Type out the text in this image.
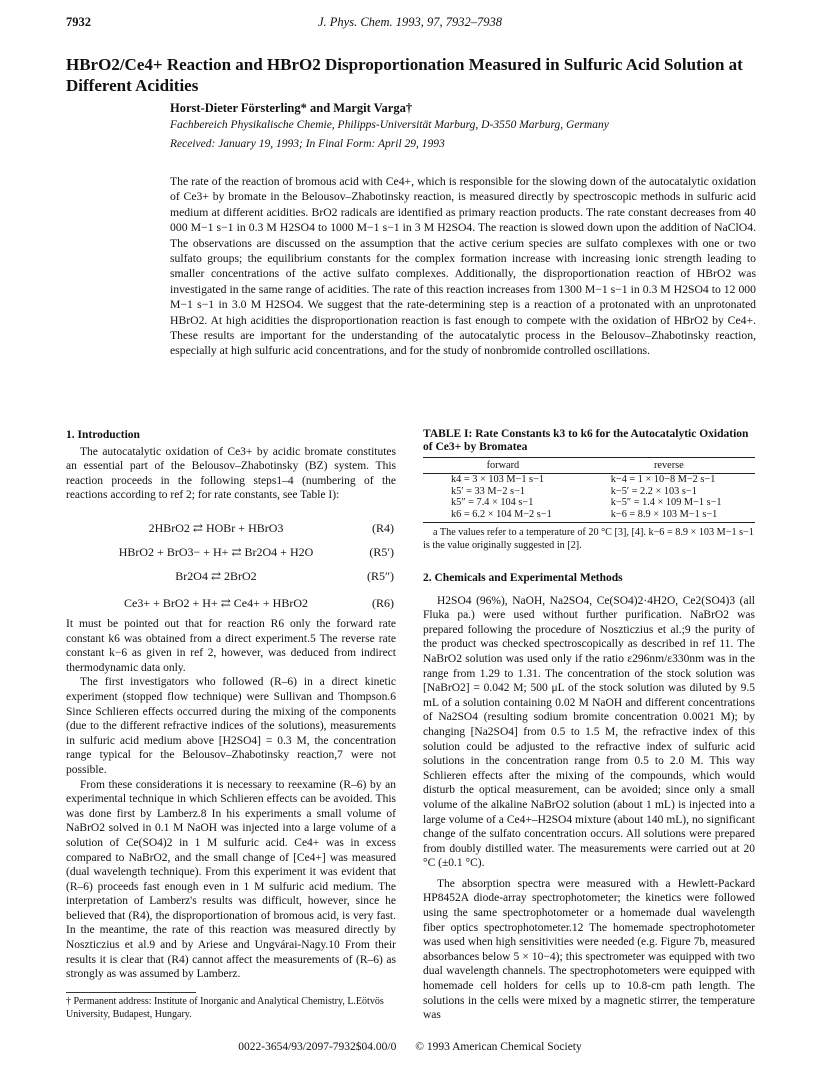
7932	J. Phys. Chem. 1993, 97, 7932–7938
HBrO2/Ce4+ Reaction and HBrO2 Disproportionation Measured in Sulfuric Acid Solution at
Different Acidities
Horst-Dieter Försterling* and Margit Varga†
Fachbereich Physikalische Chemie, Philipps-Universität Marburg, D-3550 Marburg, Germany
Received: January 19, 1993; In Final Form: April 29, 1993
The rate of the reaction of bromous acid with Ce4+, which is responsible for the slowing down of the autocatalytic oxidation of Ce3+ by bromate in the Belousov–Zhabotinsky reaction, is measured directly by spectroscopic methods in sulfuric acid medium at different acidities. BrO2 radicals are identified as primary reaction products. The rate constant decreases from 40 000 M−1 s−1 in 0.3 M H2SO4 to 1000 M−1 s−1 in 3 M H2SO4. The reaction is slowed down upon the addition of NaClO4. The observations are discussed on the assumption that the active cerium species are sulfato complexes with one or two sulfato groups; the equilibrium constants for the complex formation increase with increasing ionic strength leading to smaller concentrations of the active sulfato complexes. Additionally, the disproportionation reaction of HBrO2 was investigated in the same range of acidities. The rate of this reaction increases from 1300 M−1 s−1 in 0.3 M H2SO4 to 12 000 M−1 s−1 in 3.0 M H2SO4. We suggest that the rate-determining step is a reaction of a protonated with an unprotonated HBrO2. At high acidities the disproportionation reaction is fast enough to compete with the oxidation of HBrO2 by Ce4+. These results are important for the understanding of the autocatalytic process in the Belousov–Zhabotinsky reaction, especially at high sulfuric acid concentrations, and for the study of nonbromide controlled oscillations.
1. Introduction

The autocatalytic oxidation of Ce3+ by acidic bromate constitutes an essential part of the Belousov–Zhabotinsky (BZ) system. This reaction proceeds in the following steps1–4 (numbering of the reactions according to ref 2; for rate constants, see Table I):

2HBrO2 ⇄ HOBr + HBrO3	(R4)
HBrO2 + BrO3− + H+ ⇄ Br2O4 + H2O	(R5′)
Br2O4 ⇄ 2BrO2	(R5″)
Ce3+ + BrO2 + H+ ⇄ Ce4+ + HBrO2	(R6)

It must be pointed out that for reaction R6 only the forward rate constant k6 was obtained from a direct experiment.5 The reverse rate constant k−6 as given in ref 2, however, was deduced from indirect thermodynamic data only.

The first investigators who followed (R–6) in a direct kinetic experiment (stopped flow technique) were Sullivan and Thompson.6 Since Schlieren effects occurred during the mixing of the components (due to the different refractive indices of the solutions), measurements in sulfuric acid medium above [H2SO4] = 0.3 M, the concentration range typical for the Belousov–Zhabotinsky reaction,7 were not possible.

From these considerations it is necessary to reexamine (R–6) by an experimental technique in which Schlieren effects can be avoided. This was done first by Lamberz.8 In his experiments a small volume of NaBrO2 solved in 0.1 M NaOH was injected into a large volume of a solution of Ce(SO4)2 in 1 M sulfuric acid. Ce4+ was in excess compared to NaBrO2, and the small change of [Ce4+] was measured (dual wavelength technique). From this experiment it was evident that (R–6) proceeds fast enough even in 1 M sulfuric acid medium. The interpretation of Lamberz's results was difficult, however, since he believed that (R4), the disproportionation of bromous acid, is very fast. In the meantime, the rate of this reaction was measured directly by Noszticzius et al.9 and by Ariese and Ungvárai-Nagy.10 From their results it is clear that (R4) cannot affect the measurements of (R–6) as strongly as was assumed by Lamberz.

† Permanent address: Institute of Inorganic and Analytical Chemistry, L.Eötvös University, Budapest, Hungary.
TABLE I: Rate Constants k3 to k6 for the Autocatalytic Oxidation of Ce3+ by Bromatea
forward	reverse
k4 = 3 × 103 M−1 s−1	k−4 = 1 × 10−8 M−2 s−1
k5′ = 33 M−2 s−1	k−5′ = 2.2 × 103 s−1
k5″ = 7.4 × 104 s−1	k−5″ = 1.4 × 109 M−1 s−1
k6 = 6.2 × 104 M−2 s−1	k−6 = 8.9 × 103 M−1 s−1
a The values refer to a temperature of 20 °C [3], [4]. k−6 = 8.9 × 103 M−1 s−1 is the value originally suggested in [2].
2. Chemicals and Experimental Methods

H2SO4 (96%), NaOH, Na2SO4, Ce(SO4)2·4H2O, Ce2(SO4)3 (all Fluka pa.) were used without further purification. NaBrO2 was prepared following the procedure of Noszticzius et al.;9 the purity of the product was checked spectroscopically as described in ref 11. The NaBrO2 solution was used only if the ratio ε296nm/ε330nm was in the range from 1.29 to 1.31. The concentration of the stock solution was [NaBrO2] = 0.042 M; 500 μL of the stock solution was diluted by 9.5 mL of a solution containing 0.02 M NaOH and different concentrations of Na2SO4 (resulting sodium bromite concentration 0.0021 M); by changing [Na2SO4] from 0.5 to 1.5 M, the refractive index of this solution could be adjusted to the refractive index of sulfuric acid solutions in the concentration range from 0.5 to 2.0 M. This way Schlieren effects after the mixing of the compounds, which would disturb the optical measurement, can be avoided; since only a small volume of the alkaline NaBrO2 solution (about 1 mL) is injected into a large volume of a Ce4+–H2SO4 mixture (about 140 mL), no significant change of the sulfato concentration occurs. All solutions were prepared from doubly distilled water. The measurements were carried out at 20 °C (±0.1 °C).

The absorption spectra were measured with a Hewlett-Packard HP8452A diode-array spectrophotometer; the kinetics were followed using the same spectrophotometer or a homemade dual wavelength fiber optics spectrophotometer.12 The homemade spectrophotometer was used when high sensitivities were needed (e.g. Figure 7b, measured absorbances below 5 × 10−4); this spectrometer was equipped with two dual wavelength channels. The spectrophotometers were equipped with homemade cell holders for cells up to 10.8-cm path length. The solutions in the cells were mixed by a magnetic stirrer, the temperature was

0022-3654/93/2097-7932$04.00/0 © 1993 American Chemical Society
